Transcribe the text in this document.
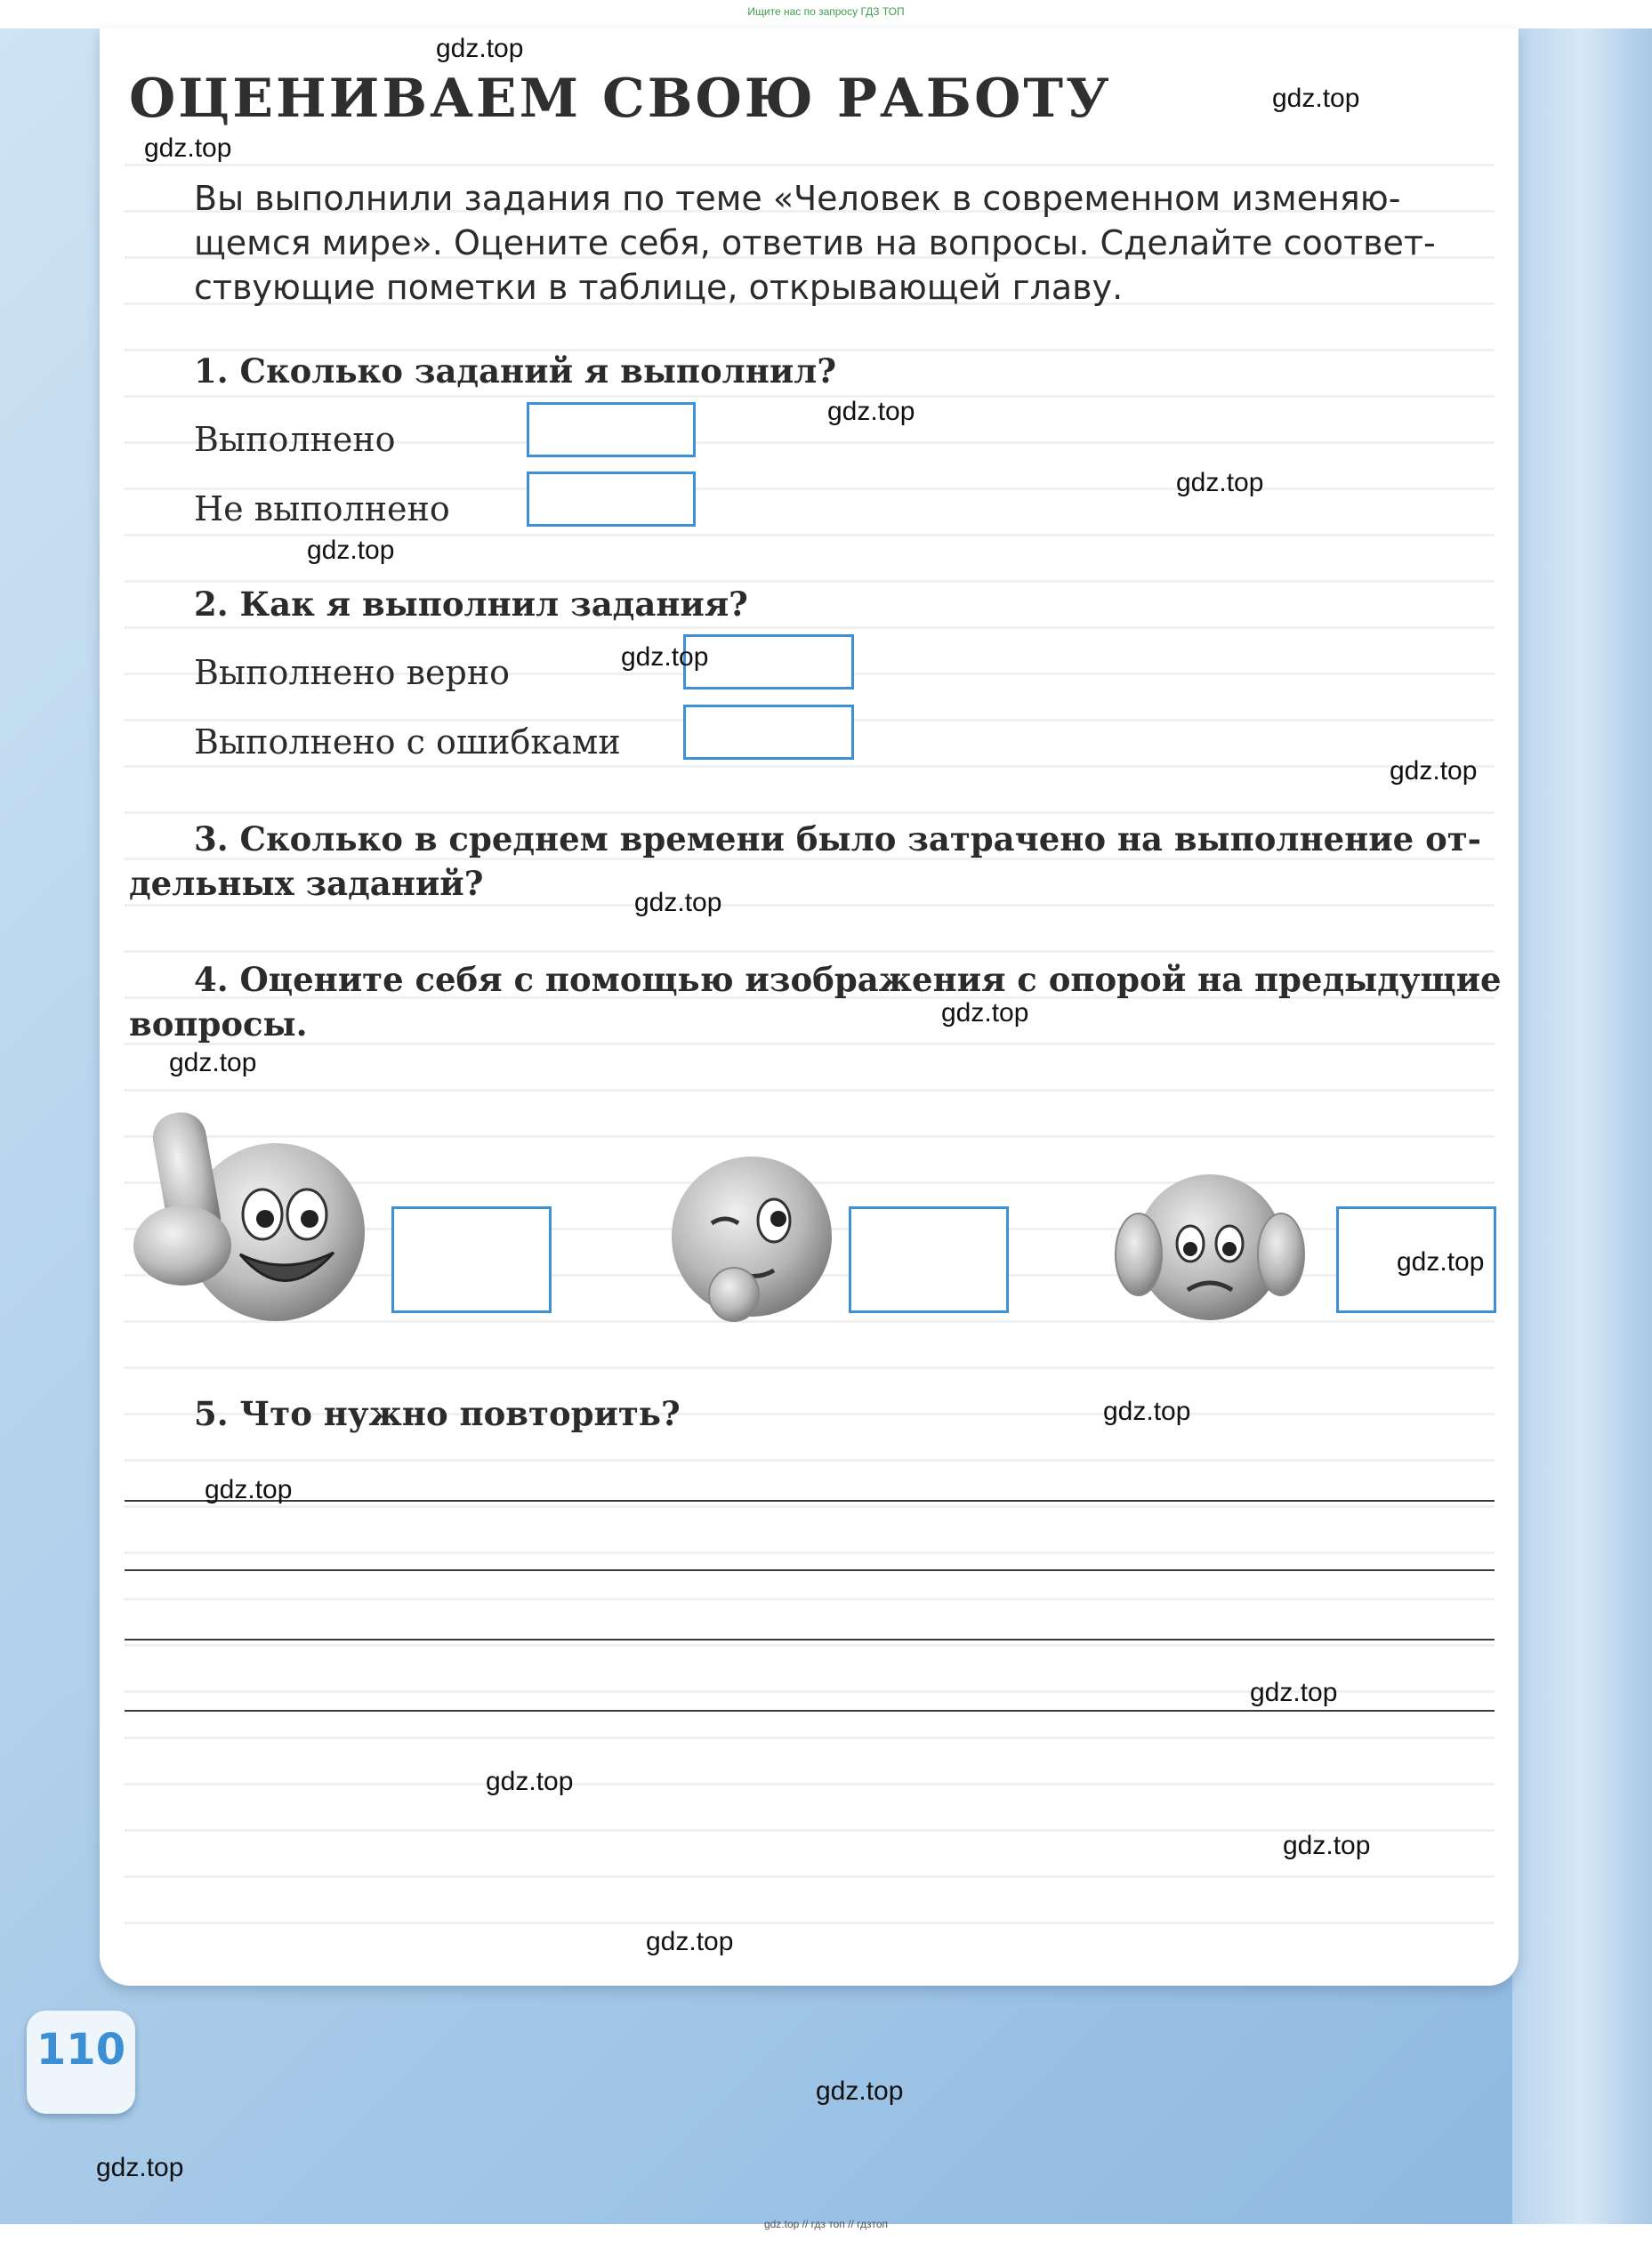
Ищите нас по запросу ГДЗ ТОП
ОЦЕНИВАЕМ СВОЮ РАБОТУ
Вы выполнили задания по теме «Человек в современном изменяю-
щемся мире». Оцените себя, ответив на вопросы. Сделайте соответ-
ствующие пометки в таблице, открывающей главу.
1. Сколько заданий я выполнил?
Выполнено
Не выполнено
2. Как я выполнил задания?
Выполнено верно
Выполнено с ошибками
3. Сколько в среднем времени было затрачено на выполнение от-
дельных заданий?
4. Оцените себя с помощью изображения с опорой на предыдущие
вопросы.
5. Что нужно повторить?
110
gdz.top
gdz.top
gdz.top
gdz.top
gdz.top
gdz.top
gdz.top
gdz.top
gdz.top
gdz.top
gdz.top
gdz.top
gdz.top
gdz.top
gdz.top
gdz.top
gdz.top
gdz.top
gdz.top
gdz.top
gdz.top // гдз топ // гдзтоп
